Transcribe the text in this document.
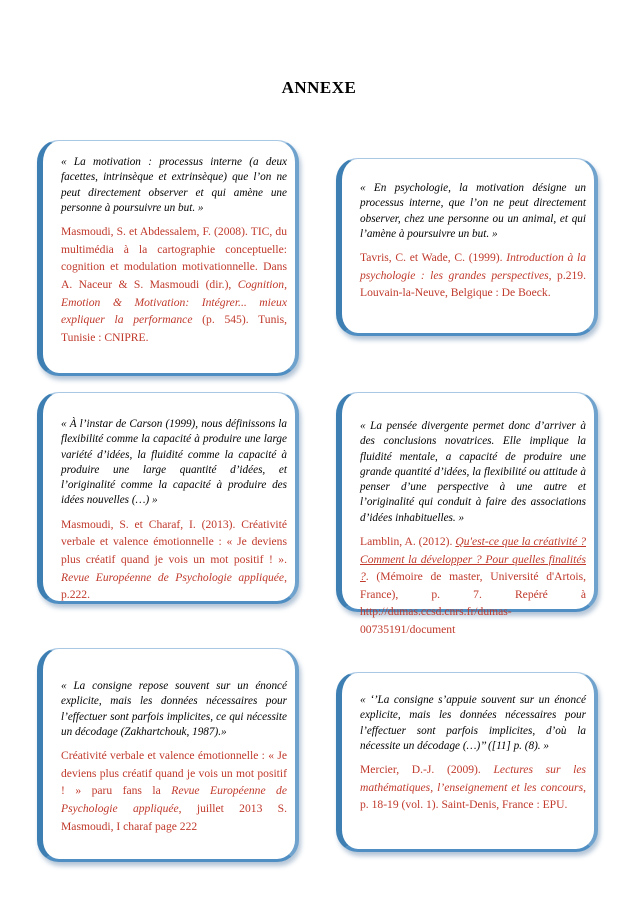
ANNEXE

« La motivation : processus interne (a deux facettes, intrinsèque et extrinsèque) que l’on ne peut directement observer et qui amène une personne à poursuivre un but. »

Masmoudi, S. et Abdessalem, F. (2008). TIC, du multimédia à la cartographie conceptuelle: cognition et modulation motivationnelle. Dans A. Naceur & S. Masmoudi (dir.), Cognition, Emotion & Motivation: Intégrer... mieux expliquer la performance (p. 545). Tunis, Tunisie : CNIPRE.

« En psychologie, la motivation désigne un processus interne, que l’on ne peut directement observer, chez une personne ou un animal, et qui l’amène à poursuivre un but. »

Tavris, C. et Wade, C. (1999). Introduction à la psychologie : les grandes perspectives, p.219. Louvain-la-Neuve, Belgique : De Boeck.

« À l’instar de Carson (1999), nous définissons la flexibilité comme la capacité à produire une large variété d’idées, la fluidité comme la capacité à produire une large quantité d’idées, et l’originalité comme la capacité à produire des idées nouvelles (…) »

Masmoudi, S. et Charaf, I. (2013). Créativité verbale et valence émotionnelle : « Je deviens plus créatif quand je vois un mot positif ! ». Revue Européenne de Psychologie appliquée, p.222.

« La pensée divergente permet donc d’arriver à des conclusions novatrices. Elle implique la fluidité mentale, a capacité de produire une grande quantité d’idées, la flexibilité ou attitude à penser d’une perspective à une autre et l’originalité qui conduit à faire des associations d’idées inhabituelles. »

Lamblin, A. (2012). Qu'est-ce que la créativité ? Comment la développer ? Pour quelles finalités ?. (Mémoire de master, Université d'Artois, France), p. 7. Repéré à http://dumas.ccsd.cnrs.fr/dumas-00735191/document

« La consigne repose souvent sur un énoncé explicite, mais les données nécessaires pour l’effectuer sont parfois implicites, ce qui nécessite un décodage (Zakhartchouk, 1987).»

Créativité verbale et valence émotionnelle : « Je deviens plus créatif quand je vois un mot positif ! » paru fans la Revue Européenne de Psychologie appliquée, juillet 2013 S. Masmoudi, I charaf page 222

« ‘’La consigne s’appuie souvent sur un énoncé explicite, mais les données nécessaires pour l’effectuer sont parfois implicites, d’où la nécessite un décodage (…)’’ ([11] p. (8). »

Mercier, D.-J. (2009). Lectures sur les mathématiques, l’enseignement et les concours, p. 18-19 (vol. 1). Saint-Denis, France : EPU.
